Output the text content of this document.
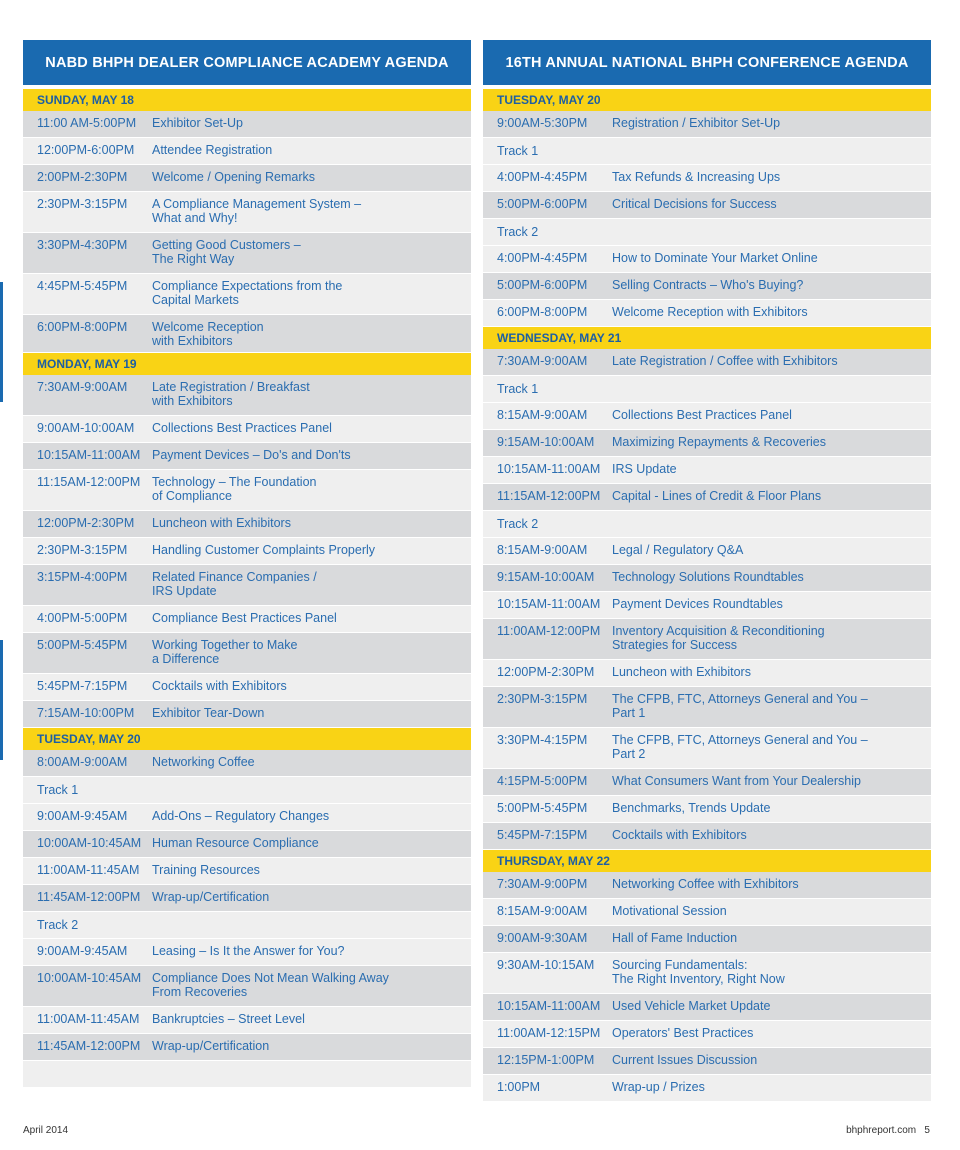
NABD BHPH DEALER COMPLIANCE ACADEMY AGENDA
SUNDAY, MAY 18
11:00 AM-5:00PM	Exhibitor Set-Up
12:00PM-6:00PM	Attendee Registration
2:00PM-2:30PM	Welcome / Opening Remarks
2:30PM-3:15PM	A Compliance Management System –
What and Why!
3:30PM-4:30PM	Getting Good Customers –
The Right Way
4:45PM-5:45PM	Compliance Expectations from the
Capital Markets
6:00PM-8:00PM	Welcome Reception
with Exhibitors
MONDAY, MAY 19
7:30AM-9:00AM	Late Registration / Breakfast
with Exhibitors
9:00AM-10:00AM	Collections Best Practices Panel
10:15AM-11:00AM Payment Devices – Do's and Don'ts
11:15AM-12:00PM Technology – The Foundation
of Compliance
12:00PM-2:30PM	Luncheon with Exhibitors
2:30PM-3:15PM	Handling Customer Complaints Properly
3:15PM-4:00PM	Related Finance Companies /
IRS Update
4:00PM-5:00PM	Compliance Best Practices Panel
5:00PM-5:45PM	Working Together to Make
a Difference
5:45PM-7:15PM	Cocktails with Exhibitors
7:15AM-10:00PM	Exhibitor Tear-Down
TUESDAY, MAY 20
8:00AM-9:00AM	Networking Coffee
Track 1
9:00AM-9:45AM	Add-Ons – Regulatory Changes
10:00AM-10:45AM Human Resource Compliance
11:00AM-11:45AM	Training Resources
11:45AM-12:00PM Wrap-up/Certification
Track 2
9:00AM-9:45AM	Leasing – Is It the Answer for You?
10:00AM-10:45AM Compliance Does Not Mean Walking Away
From Recoveries
11:00AM-11:45AM	Bankruptcies – Street Level
11:45AM-12:00PM Wrap-up/Certification
16TH ANNUAL NATIONAL BHPH CONFERENCE AGENDA
TUESDAY, MAY 20
9:00AM-5:30PM	Registration / Exhibitor Set-Up
Track 1
4:00PM-4:45PM	Tax Refunds & Increasing Ups
5:00PM-6:00PM	Critical Decisions for Success
Track 2
4:00PM-4:45PM	How to Dominate Your Market Online
5:00PM-6:00PM	Selling Contracts – Who's Buying?
6:00PM-8:00PM	Welcome Reception with Exhibitors
WEDNESDAY, MAY 21
7:30AM-9:00AM	Late Registration / Coffee with Exhibitors
Track 1
8:15AM-9:00AM	Collections Best Practices Panel
9:15AM-10:00AM	Maximizing Repayments & Recoveries
10:15AM-11:00AM IRS Update
11:15AM-12:00PM Capital - Lines of Credit & Floor Plans
Track 2
8:15AM-9:00AM	Legal / Regulatory Q&A
9:15AM-10:00AM	Technology Solutions Roundtables
10:15AM-11:00AM Payment Devices Roundtables
11:00AM-12:00PM Inventory Acquisition & Reconditioning
Strategies for Success
12:00PM-2:30PM	Luncheon with Exhibitors
2:30PM-3:15PM	The CFPB, FTC, Attorneys General and You –
Part 1
3:30PM-4:15PM	The CFPB, FTC, Attorneys General and You –
Part 2
4:15PM-5:00PM	What Consumers Want from Your Dealership
5:00PM-5:45PM	Benchmarks, Trends Update
5:45PM-7:15PM	Cocktails with Exhibitors
THURSDAY, MAY 22
7:30AM-9:00PM	Networking Coffee with Exhibitors
8:15AM-9:00AM	Motivational Session
9:00AM-9:30AM	Hall of Fame Induction
9:30AM-10:15AM	Sourcing Fundamentals:
The Right Inventory, Right Now
10:15AM-11:00AM Used Vehicle Market Update
11:00AM-12:15PM Operators' Best Practices
12:15PM-1:00PM	Current Issues Discussion
1:00PM	Wrap-up / Prizes
April 2014	bhphreport.com   5
